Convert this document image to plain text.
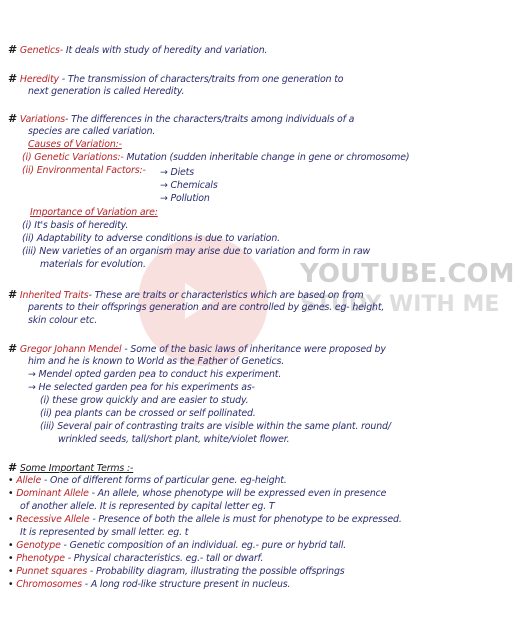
YOUTUBE.COM
STUDY WITH ME
# Genetics- It deals with study of heredity and variation.
# Heredity - The transmission of characters/traits from one generation to
next generation is called Heredity.
# Variations- The differences in the characters/traits among individuals of a
species are called variation.
Causes of Variation:-
(i) Genetic Variations:- Mutation (sudden inheritable change in gene or chromosome)
(ii) Environmental Factors:- → Diets
→ Chemicals
→ Pollution
Importance of Variation are:
(i) It's basis of heredity.
(ii) Adaptability to adverse conditions is due to variation.
(iii) New varieties of an organism may arise due to variation and form in raw
materials for evolution.
# Inherited Traits- These are traits or characteristics which are based on from
parents to their offsprings generation and are controlled by genes. eg- height,
skin colour etc.
# Gregor Johann Mendel - Some of the basic laws of inheritance were proposed by
him and he is known to World as the Father of Genetics.
→ Mendel opted garden pea to conduct his experiment.
→ He selected garden pea for his experiments as-
(i) these grow quickly and are easier to study.
(ii) pea plants can be crossed or self pollinated.
(iii) Several pair of contrasting traits are visible within the same plant. round/
wrinkled seeds, tall/short plant, white/violet flower.
# Some Important Terms :-
• Allele - One of different forms of particular gene. eg-height.
• Dominant Allele - An allele, whose phenotype will be expressed even in presence
of another allele. It is represented by capital letter eg. T
• Recessive Allele - Presence of both the allele is must for phenotype to be expressed.
It is represented by small letter. eg. t
• Genotype - Genetic composition of an individual. eg.- pure or hybrid tall.
• Phenotype - Physical characteristics. eg.- tall or dwarf.
• Punnet squares - Probability diagram, illustrating the possible offsprings
• Chromosomes - A long rod-like structure present in nucleus.
